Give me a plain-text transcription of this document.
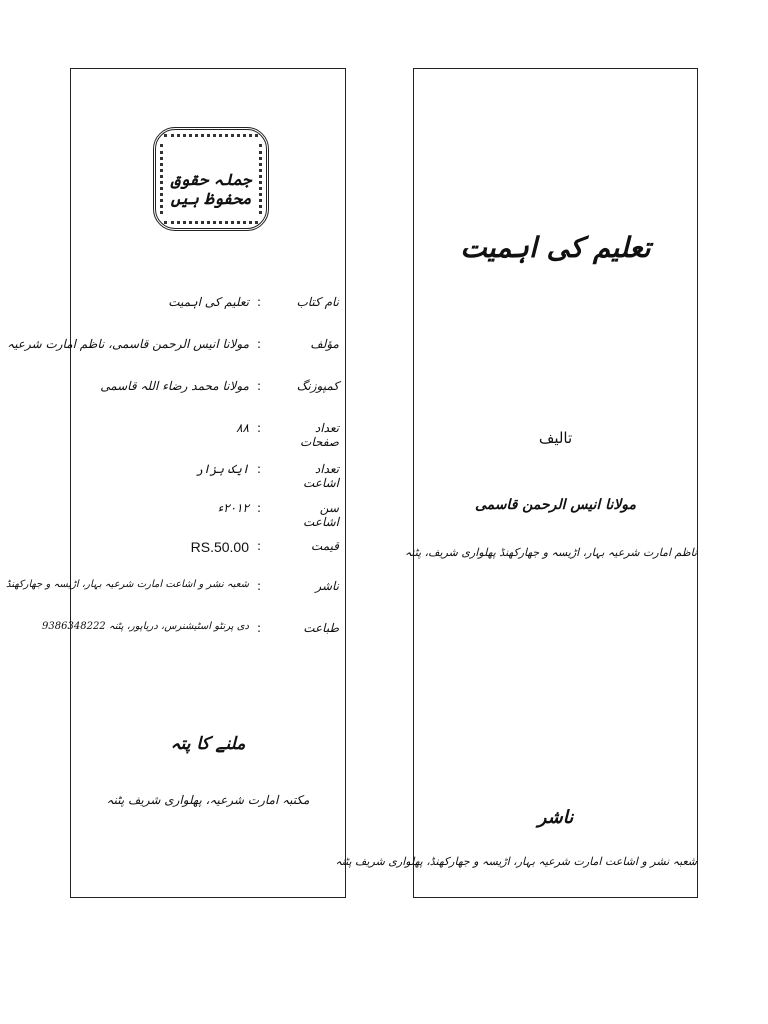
جملہ حقوق محفوظ ہیں
نام کتاب
:
تعلیم کی اہمیت
مؤلف
:
مولانا انیس الرحمن قاسمی، ناظم امارت شرعیہ
کمپوزنگ
:
مولانا محمد رضاء اللہ قاسمی
تعداد صفحات
:
۸۸
تعداد اشاعت
:
ایک ہزار
سن اشاعت
:
۲۰۱۲ء
قیمت
:
RS.50.00
ناشر
:
شعبہ نشر و اشاعت امارت شرعیہ بہار، اڑیسہ و جھارکھنڈ
طباعت
:
دی پرنٹو اسٹیشنرس، دریاپور، پٹنہ 9386348222
ملنے کا پتہ
مکتبہ امارت شرعیہ، پھلواری شریف پٹنہ
تعلیم کی اہمیت
تالیف
مولانا انیس الرحمن قاسمی
ناظم امارت شرعیہ بہار، اڑیسہ و جھارکھنڈ پھلواری شریف، پٹنہ
ناشر
شعبہ نشر و اشاعت امارت شرعیہ بہار، اڑیسہ و جھارکھنڈ، پھلواری شریف پٹنہ
